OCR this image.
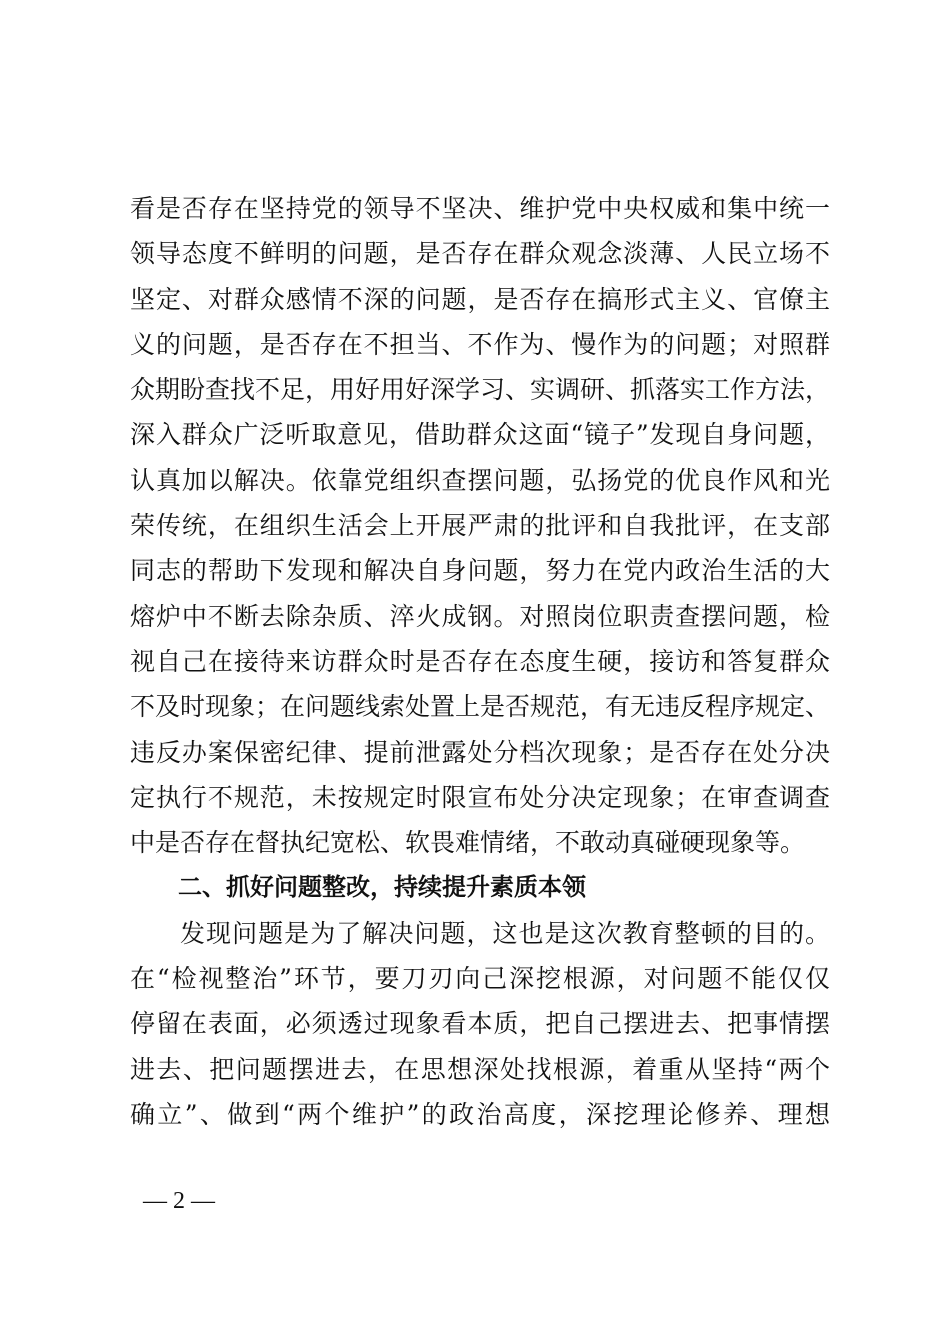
看是否存在坚持党的领导不坚决、维护党中央权威和集中统一
领导态度不鲜明的问题，是否存在群众观念淡薄、人民立场不
坚定、对群众感情不深的问题，是否存在搞形式主义、官僚主
义的问题，是否存在不担当、不作为、慢作为的问题；对照群
众期盼查找不足，用好用好深学习、实调研、抓落实工作方法，
深入群众广泛听取意见，借助群众这面“镜子”发现自身问题，
认真加以解决。依靠党组织查摆问题，弘扬党的优良作风和光
荣传统，在组织生活会上开展严肃的批评和自我批评，在支部
同志的帮助下发现和解决自身问题，努力在党内政治生活的大
熔炉中不断去除杂质、淬火成钢。对照岗位职责查摆问题，检
视自己在接待来访群众时是否存在态度生硬，接访和答复群众
不及时现象；在问题线索处置上是否规范，有无违反程序规定、
违反办案保密纪律、提前泄露处分档次现象；是否存在处分决
定执行不规范，未按规定时限宣布处分决定现象；在审查调查
中是否存在督执纪宽松、软畏难情绪，不敢动真碰硬现象等。
二、抓好问题整改，持续提升素质本领
发现问题是为了解决问题，这也是这次教育整顿的目的。
在“检视整治”环节，要刀刃向己深挖根源，对问题不能仅仅
停留在表面，必须透过现象看本质，把自己摆进去、把事情摆
进去、把问题摆进去，在思想深处找根源，着重从坚持“两个
确立”、做到“两个维护”的政治高度，深挖理论修养、理想
— 2 —
